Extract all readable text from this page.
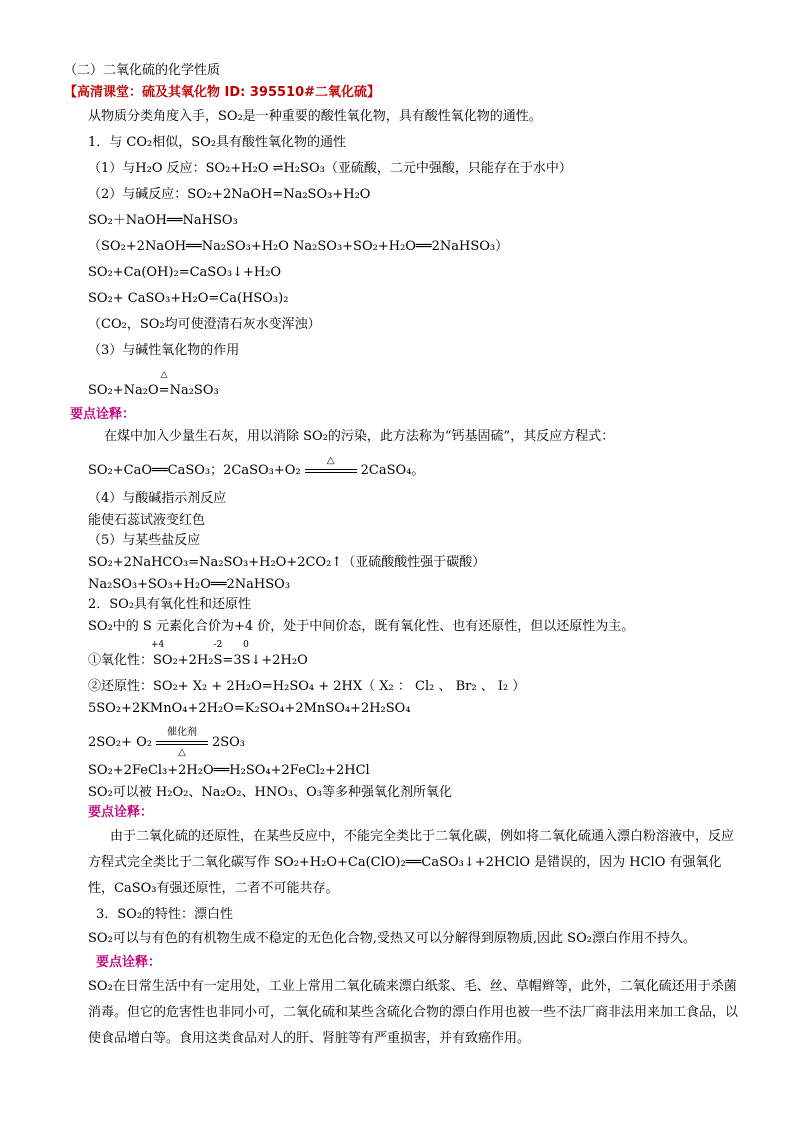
（二）二氧化硫的化学性质
【高清课堂：硫及其氧化物 ID: 395510#二氧化硫】
从物质分类角度入手，SO₂是一种重要的酸性氧化物，具有酸性氧化物的通性。
1．与 CO₂相似，SO₂具有酸性氧化物的通性
（1）与H₂O 反应：SO₂+H₂O ⇌H₂SO₃（亚硫酸，二元中强酸，只能存在于水中）
（2）与碱反应：SO₂+2NaOH=Na₂SO₃+H₂O
SO₂＋NaOH══NaHSO₃
（SO₂+2NaOH══Na₂SO₃+H₂O Na₂SO₃+SO₂+H₂O══2NaHSO₃）
SO₂+Ca(OH)₂=CaSO₃↓+H₂O
SO₂+ CaSO₃+H₂O=Ca(HSO₃)₂
（CO₂，SO₂均可使澄清石灰水变浑浊）
（3）与碱性氧化物的作用
SO₂+Na₂O
△
=Na₂SO₃
要点诠释：
在煤中加入少量生石灰，用以消除 SO₂的污染，此方法称为“钙基固硫”，其反应方程式：
SO₂+CaO══CaSO₃；2CaSO₃+O₂
△
2CaSO₄。
（4）与酸碱指示剂反应
能使石蕊试液变红色
（5）与某些盐反应
SO₂+2NaHCO₃=Na₂SO₃+H₂O+2CO₂↑（亚硫酸酸性强于碳酸）
Na₂SO₃+SO₃+H₂O══2NaHSO₃
2．SO₂具有氧化性和还原性
SO₂中的 S 元素化合价为+4 价，处于中间价态，既有氧化性、也有还原性，但以还原性为主。
①氧化性：
+4
SO₂+2H₂
-2
S=3
0
S↓+2H₂O
②还原性：SO₂+ X₂ + 2H₂O=H₂SO₄ + 2HX（ X₂ ： Cl₂ 、 Br₂ 、 I₂ ）
5SO₂+2KMnO₄+2H₂O=K₂SO₄+2MnSO₄+2H₂SO₄
2SO₂+ O₂
催化剂
△
2SO₃
SO₂+2FeCl₃+2H₂O══H₂SO₄+2FeCl₂+2HCl
SO₂可以被 H₂O₂、Na₂O₂、HNO₃、O₃等多种强氧化剂所氧化
要点诠释：
由于二氧化硫的还原性，在某些反应中，不能完全类比于二氧化碳，例如将二氧化硫通入漂白粉溶液中，反应方程式完全类比于二氧化碳写作 SO₂+H₂O+Ca(ClO)₂══CaSO₃↓+2HClO 是错误的，因为 HClO 有强氧化性，CaSO₃有强还原性，二者不可能共存。
3．SO₂的特性：漂白性
SO₂可以与有色的有机物生成不稳定的无色化合物,受热又可以分解得到原物质,因此 SO₂漂白作用不持久。
要点诠释：
SO₂在日常生活中有一定用处，工业上常用二氧化硫来漂白纸浆、毛、丝、草帽辫等，此外，二氧化硫还用于杀菌消毒。但它的危害性也非同小可，二氧化硫和某些含硫化合物的漂白作用也被一些不法厂商非法用来加工食品，以使食品增白等。食用这类食品对人的肝、肾脏等有严重损害，并有致癌作用。
